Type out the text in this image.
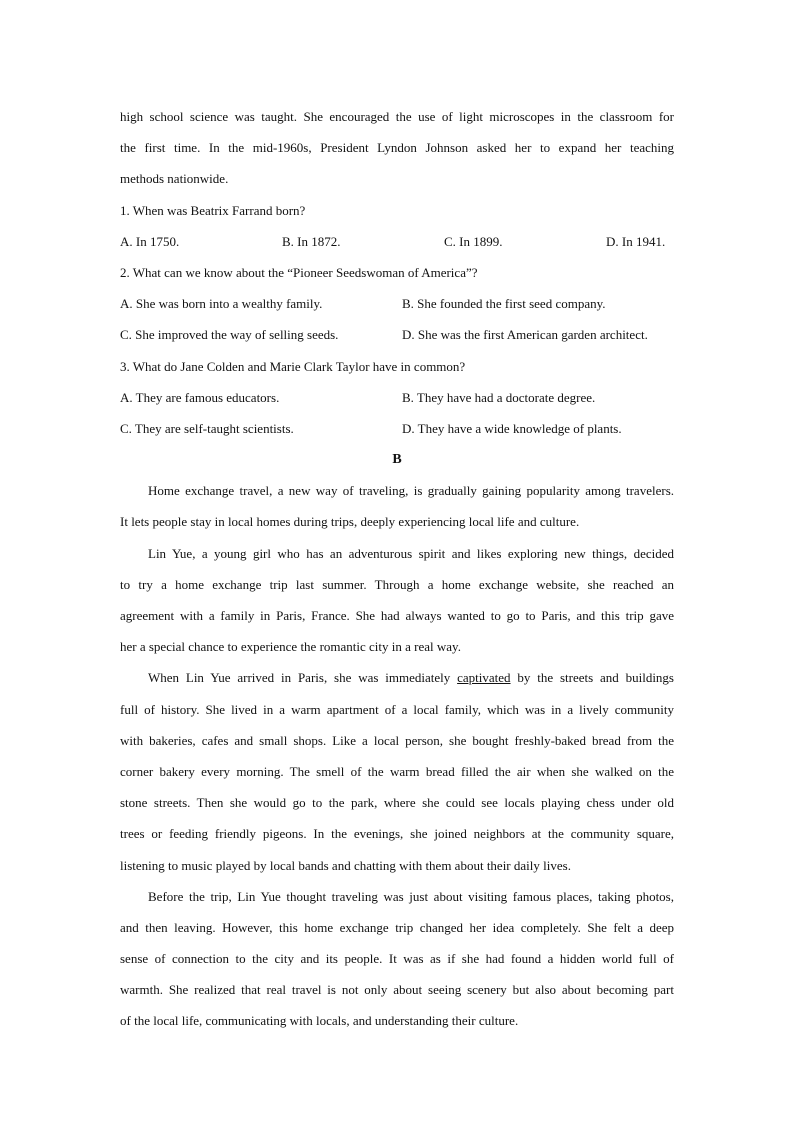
high school science was taught. She encouraged the use of light microscopes in the classroom for
the first time. In the mid-1960s, President Lyndon Johnson asked her to expand her teaching
methods nationwide.
1. When was Beatrix Farrand born?
A. In 1750.	B. In 1872.	C. In 1899.	D. In 1941.
2. What can we know about the “Pioneer Seedswoman of America”?
A. She was born into a wealthy family.	B. She founded the first seed company.
C. She improved the way of selling seeds.	D. She was the first American garden architect.
3. What do Jane Colden and Marie Clark Taylor have in common?
A. They are famous educators.	B. They have had a doctorate degree.
C. They are self-taught scientists.	D. They have a wide knowledge of plants.
B
Home exchange travel, a new way of traveling, is gradually gaining popularity among travelers.
It lets people stay in local homes during trips, deeply experiencing local life and culture.
Lin Yue, a young girl who has an adventurous spirit and likes exploring new things, decided
to try a home exchange trip last summer. Through a home exchange website, she reached an
agreement with a family in Paris, France. She had always wanted to go to Paris, and this trip gave
her a special chance to experience the romantic city in a real way.
When Lin Yue arrived in Paris, she was immediately captivated by the streets and buildings
full of history. She lived in a warm apartment of a local family, which was in a lively community
with bakeries, cafes and small shops. Like a local person, she bought freshly-baked bread from the
corner bakery every morning. The smell of the warm bread filled the air when she walked on the
stone streets. Then she would go to the park, where she could see locals playing chess under old
trees or feeding friendly pigeons. In the evenings, she joined neighbors at the community square,
listening to music played by local bands and chatting with them about their daily lives.
Before the trip, Lin Yue thought traveling was just about visiting famous places, taking photos,
and then leaving. However, this home exchange trip changed her idea completely. She felt a deep
sense of connection to the city and its people. It was as if she had found a hidden world full of
warmth. She realized that real travel is not only about seeing scenery but also about becoming part
of the local life, communicating with locals, and understanding their culture.
